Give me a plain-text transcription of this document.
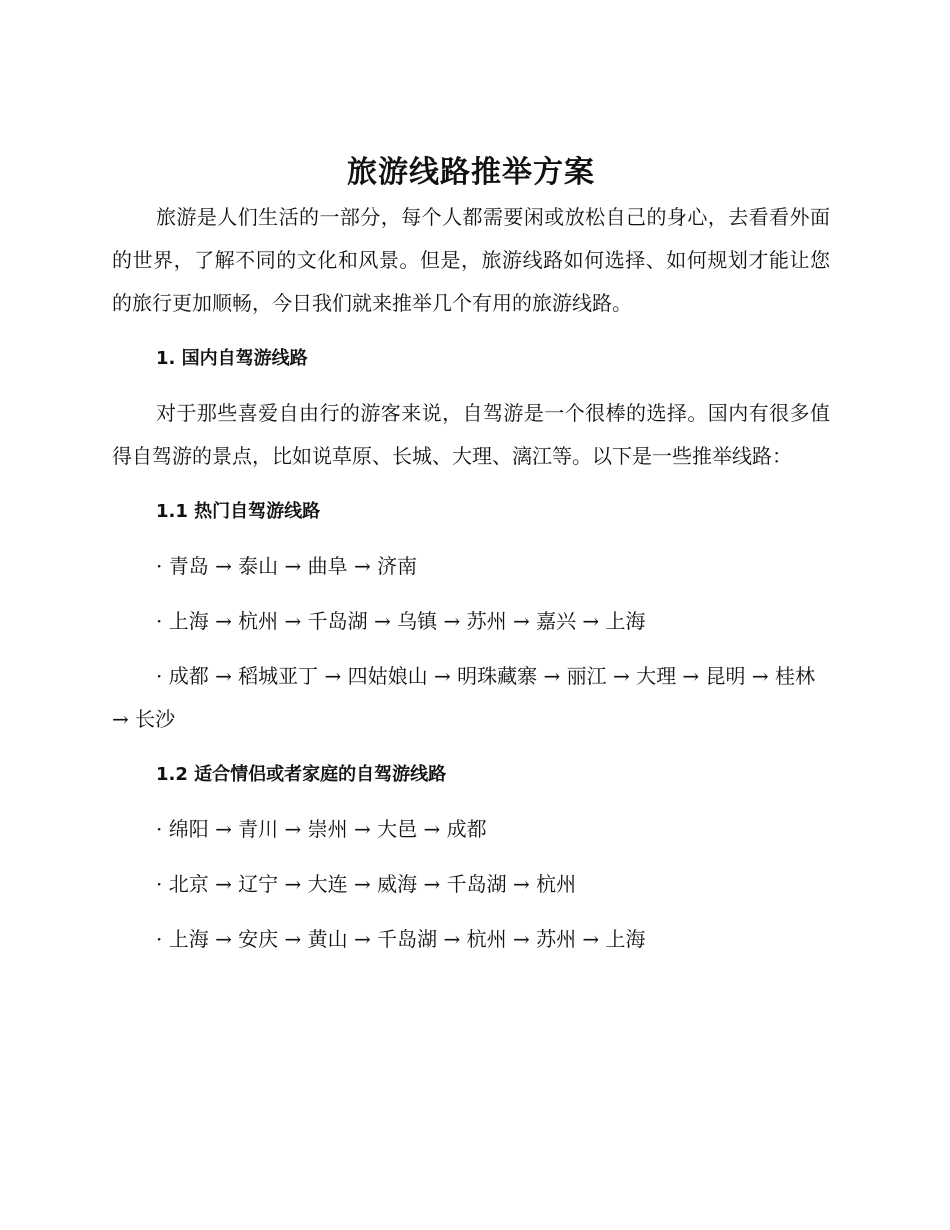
旅游线路推举方案

旅游是人们生活的一部分，每个人都需要闲或放松自己的身心，去看看外面的世界，了解不同的文化和风景。但是，旅游线路如何选择、如何规划才能让您的旅行更加顺畅，今日我们就来推举几个有用的旅游线路。

1. 国内自驾游线路

对于那些喜爱自由行的游客来说，自驾游是一个很棒的选择。国内有很多值得自驾游的景点，比如说草原、长城、大理、漓江等。以下是一些推举线路：

1.1 热门自驾游线路

· 青岛 → 泰山 → 曲阜 → 济南

· 上海 → 杭州 → 千岛湖 → 乌镇 → 苏州 → 嘉兴 → 上海

· 成都 → 稻城亚丁 → 四姑娘山 → 明珠藏寨 → 丽江 → 大理 → 昆明 → 桂林 → 长沙

1.2 适合情侣或者家庭的自驾游线路

· 绵阳 → 青川 → 崇州 → 大邑 → 成都

· 北京 → 辽宁 → 大连 → 威海 → 千岛湖 → 杭州

· 上海 → 安庆 → 黄山 → 千岛湖 → 杭州 → 苏州 → 上海
